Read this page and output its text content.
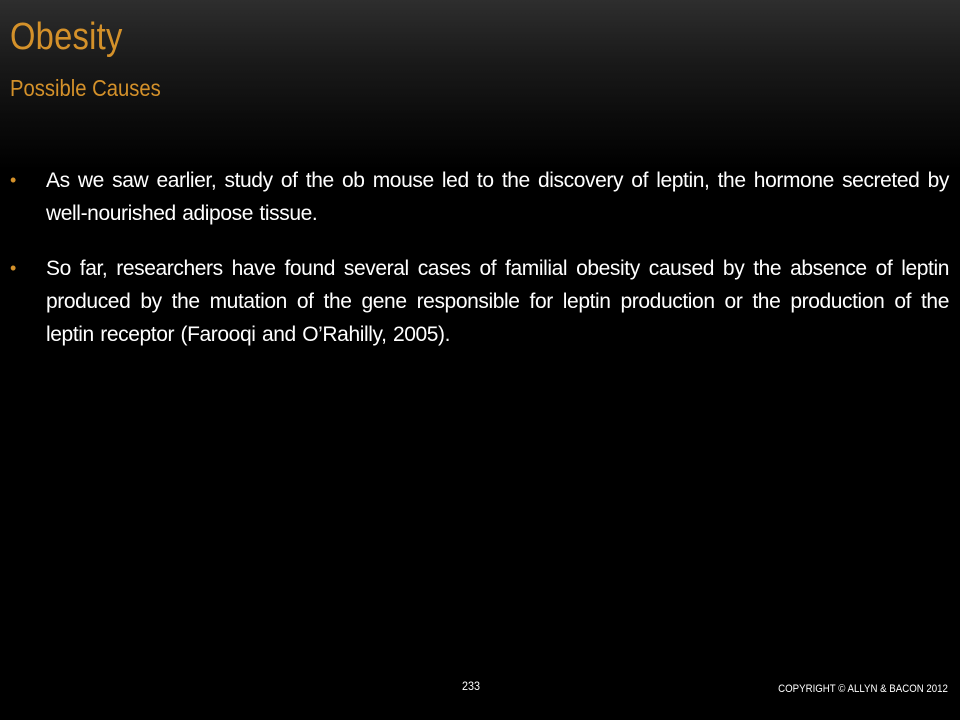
Obesity
Possible Causes
• As we saw earlier, study of the ob mouse led to the discovery of leptin, the hormone secreted by well-nourished adipose tissue.
• So far, researchers have found several cases of familial obesity caused by the absence of leptin produced by the mutation of the gene responsible for leptin production or the production of the leptin receptor (Farooqi and O’Rahilly, 2005).
233	COPYRIGHT © ALLYN & BACON 2012
